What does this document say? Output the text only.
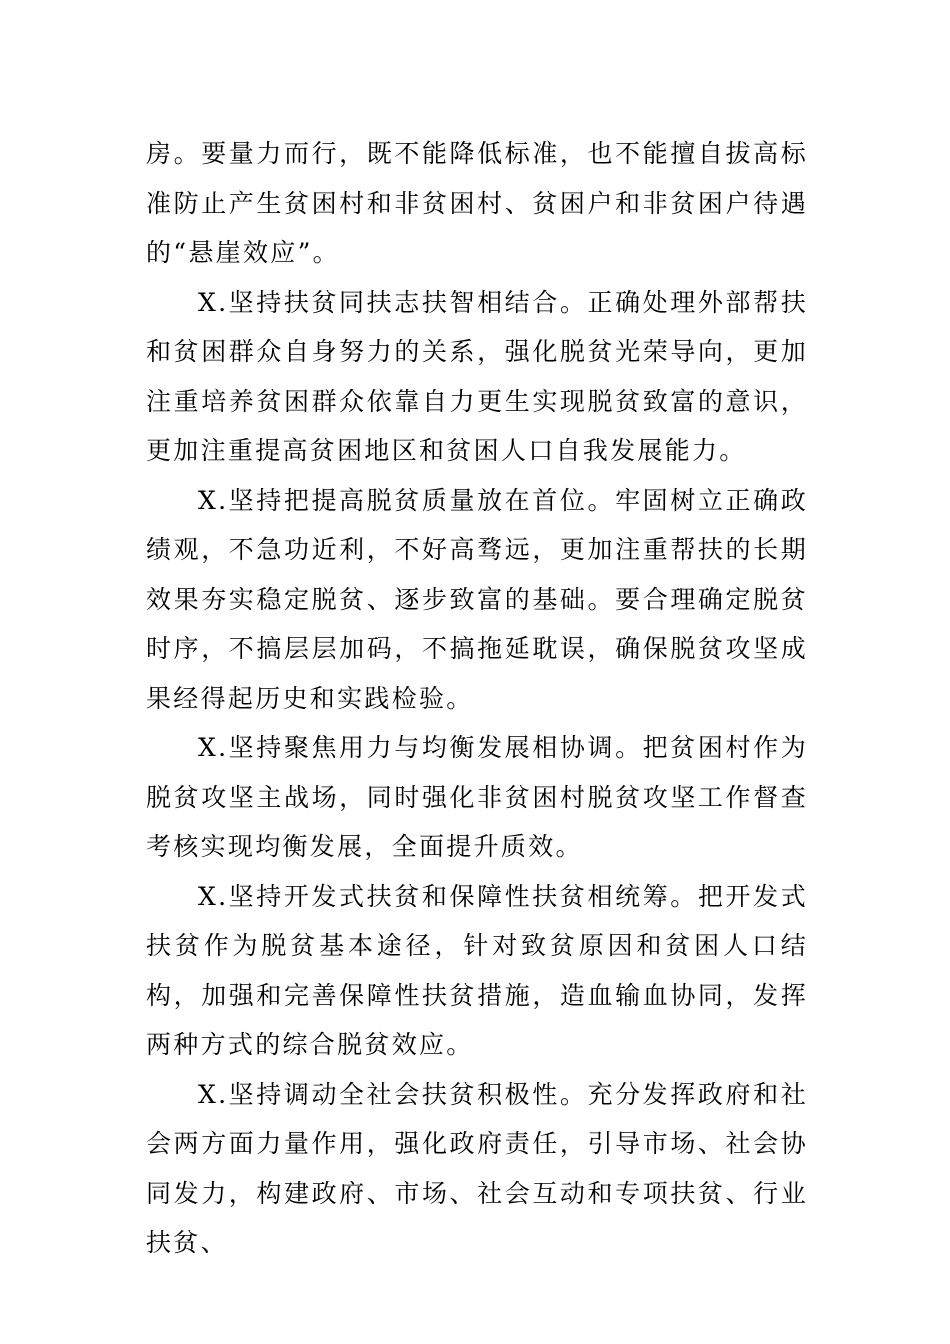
房。要量力而行，既不能降低标准，也不能擅自拔高标准防止产生贫困村和非贫困村、贫困户和非贫困户待遇的“悬崖效应”。

X.坚持扶贫同扶志扶智相结合。正确处理外部帮扶和贫困群众自身努力的关系，强化脱贫光荣导向，更加注重培养贫困群众依靠自力更生实现脱贫致富的意识，更加注重提高贫困地区和贫困人口自我发展能力。

X.坚持把提高脱贫质量放在首位。牢固树立正确政绩观，不急功近利，不好高骛远，更加注重帮扶的长期效果夯实稳定脱贫、逐步致富的基础。要合理确定脱贫时序，不搞层层加码，不搞拖延耽误，确保脱贫攻坚成果经得起历史和实践检验。

X.坚持聚焦用力与均衡发展相协调。把贫困村作为脱贫攻坚主战场，同时强化非贫困村脱贫攻坚工作督查考核实现均衡发展，全面提升质效。

X.坚持开发式扶贫和保障性扶贫相统筹。把开发式扶贫作为脱贫基本途径，针对致贫原因和贫困人口结构，加强和完善保障性扶贫措施，造血输血协同，发挥两种方式的综合脱贫效应。

X.坚持调动全社会扶贫积极性。充分发挥政府和社会两方面力量作用，强化政府责任，引导市场、社会协同发力，构建政府、市场、社会互动和专项扶贫、行业扶贫、
